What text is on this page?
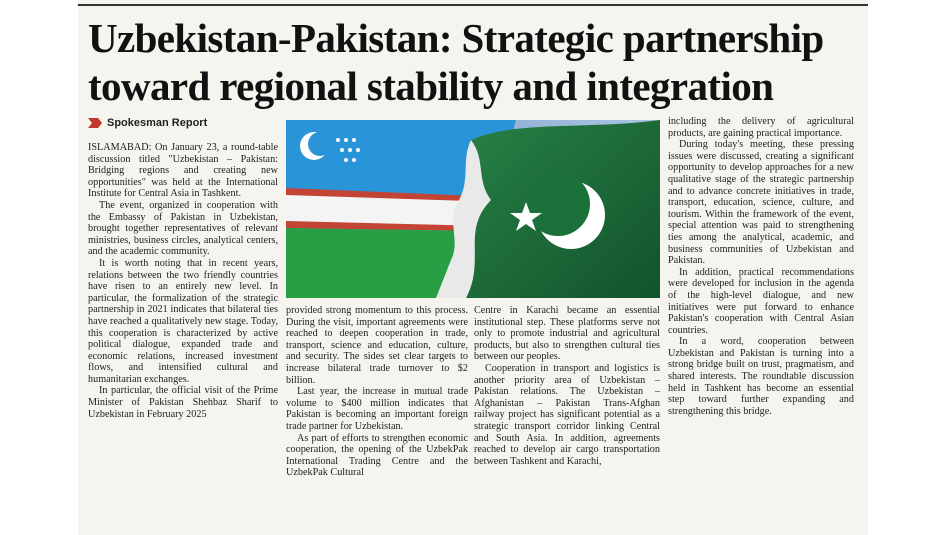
Uzbekistan-Pakistan: Strategic partnership
toward regional stability and integration
Spokesman Report

ISLAMABAD: On January 23, a round-table discussion titled "Uzbekistan – Pakistan: Bridging regions and creating new opportunities" was held at the International Institute for Central Asia in Tashkent.

The event, organized in cooperation with the Embassy of Pakistan in Uzbekistan, brought together representatives of relevant ministries, business circles, analytical centers, and the academic community.

It is worth noting that in recent years, relations between the two friendly countries have risen to an entirely new level. In particular, the formalization of the strategic partnership in 2021 indicates that bilateral ties have reached a qualitatively new stage. Today, this cooperation is characterized by active political dialogue, expanded trade and economic relations, increased investment flows, and intensified cultural and humanitarian exchanges.

In particular, the official visit of the Prime Minister of Pakistan Shehbaz Sharif to Uzbekistan in February 2025

provided strong momentum to this process. During the visit, important agreements were reached to deepen cooperation in trade, transport, science and education, culture, and security. The sides set clear targets to increase bilateral trade turnover to $2 billion.

Last year, the increase in mutual trade volume to $400 million indicates that Pakistan is becoming an important foreign trade partner for Uzbekistan.

As part of efforts to strengthen economic cooperation, the opening of the UzbekPak International Trading Centre and the UzbekPak Cultural

Centre in Karachi became an essential institutional step. These platforms serve not only to promote industrial and agricultural products, but also to strengthen cultural ties between our peoples.

Cooperation in transport and logistics is another priority area of Uzbekistan – Pakistan relations. The Uzbekistan – Afghanistan – Pakistan Trans-Afghan railway project has significant potential as a strategic transport corridor linking Central and South Asia. In addition, agreements reached to develop air cargo transportation between Tashkent and Karachi,

including the delivery of agricultural products, are gaining practical importance.

During today's meeting, these pressing issues were discussed, creating a significant opportunity to develop approaches for a new qualitative stage of the strategic partnership and to advance concrete initiatives in trade, transport, education, science, culture, and tourism. Within the framework of the event, special attention was paid to strengthening ties among the analytical, academic, and business communities of Uzbekistan and Pakistan.

In addition, practical recommendations were developed for inclusion in the agenda of the high-level dialogue, and new initiatives were put forward to enhance Pakistan's cooperation with Central Asian countries.

In a word, cooperation between Uzbekistan and Pakistan is turning into a strong bridge built on trust, pragmatism, and shared interests. The roundtable discussion held in Tashkent has become an essential step toward further expanding and strengthening this bridge.
